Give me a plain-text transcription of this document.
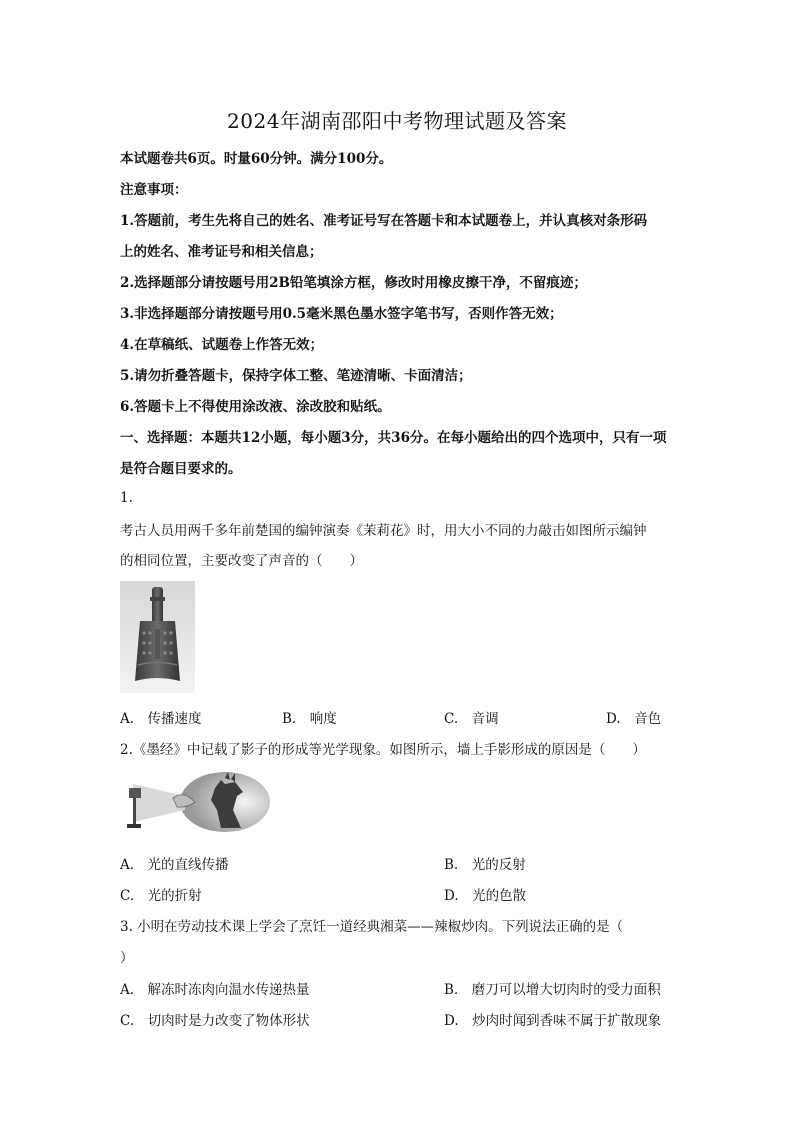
2024年湖南邵阳中考物理试题及答案
本试题卷共6页。时量60分钟。满分100分。
注意事项：
1.答题前，考生先将自己的姓名、准考证号写在答题卡和本试题卷上，并认真核对条形码
上的姓名、准考证号和相关信息；
2.选择题部分请按题号用2B铅笔填涂方框，修改时用橡皮擦干净，不留痕迹；
3.非选择题部分请按题号用0.5毫米黑色墨水签字笔书写，否则作答无效；
4.在草稿纸、试题卷上作答无效；
5.请勿折叠答题卡，保持字体工整、笔迹清晰、卡面清洁；
6.答题卡上不得使用涂改液、涂改胶和贴纸。
一、选择题：本题共12小题，每小题3分，共36分。在每小题给出的四个选项中，只有一项
是符合题目要求的。
1.
考古人员用两千多年前楚国的编钟演奏《茉莉花》时，用大小不同的力敲击如图所示编钟
的相同位置，主要改变了声音的（　　）
A.　传播速度	B.　响度	C.　音调	D.　音色
2.《墨经》中记载了影子的形成等光学现象。如图所示，墙上手影形成的原因是（　　）
A.　光的直线传播	B.　光的反射
C.　光的折射	D.　光的色散
3. 小明在劳动技术课上学会了烹饪一道经典湘菜——辣椒炒肉。下列说法正确的是（
）
A.　解冻时冻肉向温水传递热量	B.　磨刀可以增大切肉时的受力面积
C.　切肉时是力改变了物体形状	D.　炒肉时闻到香味不属于扩散现象
